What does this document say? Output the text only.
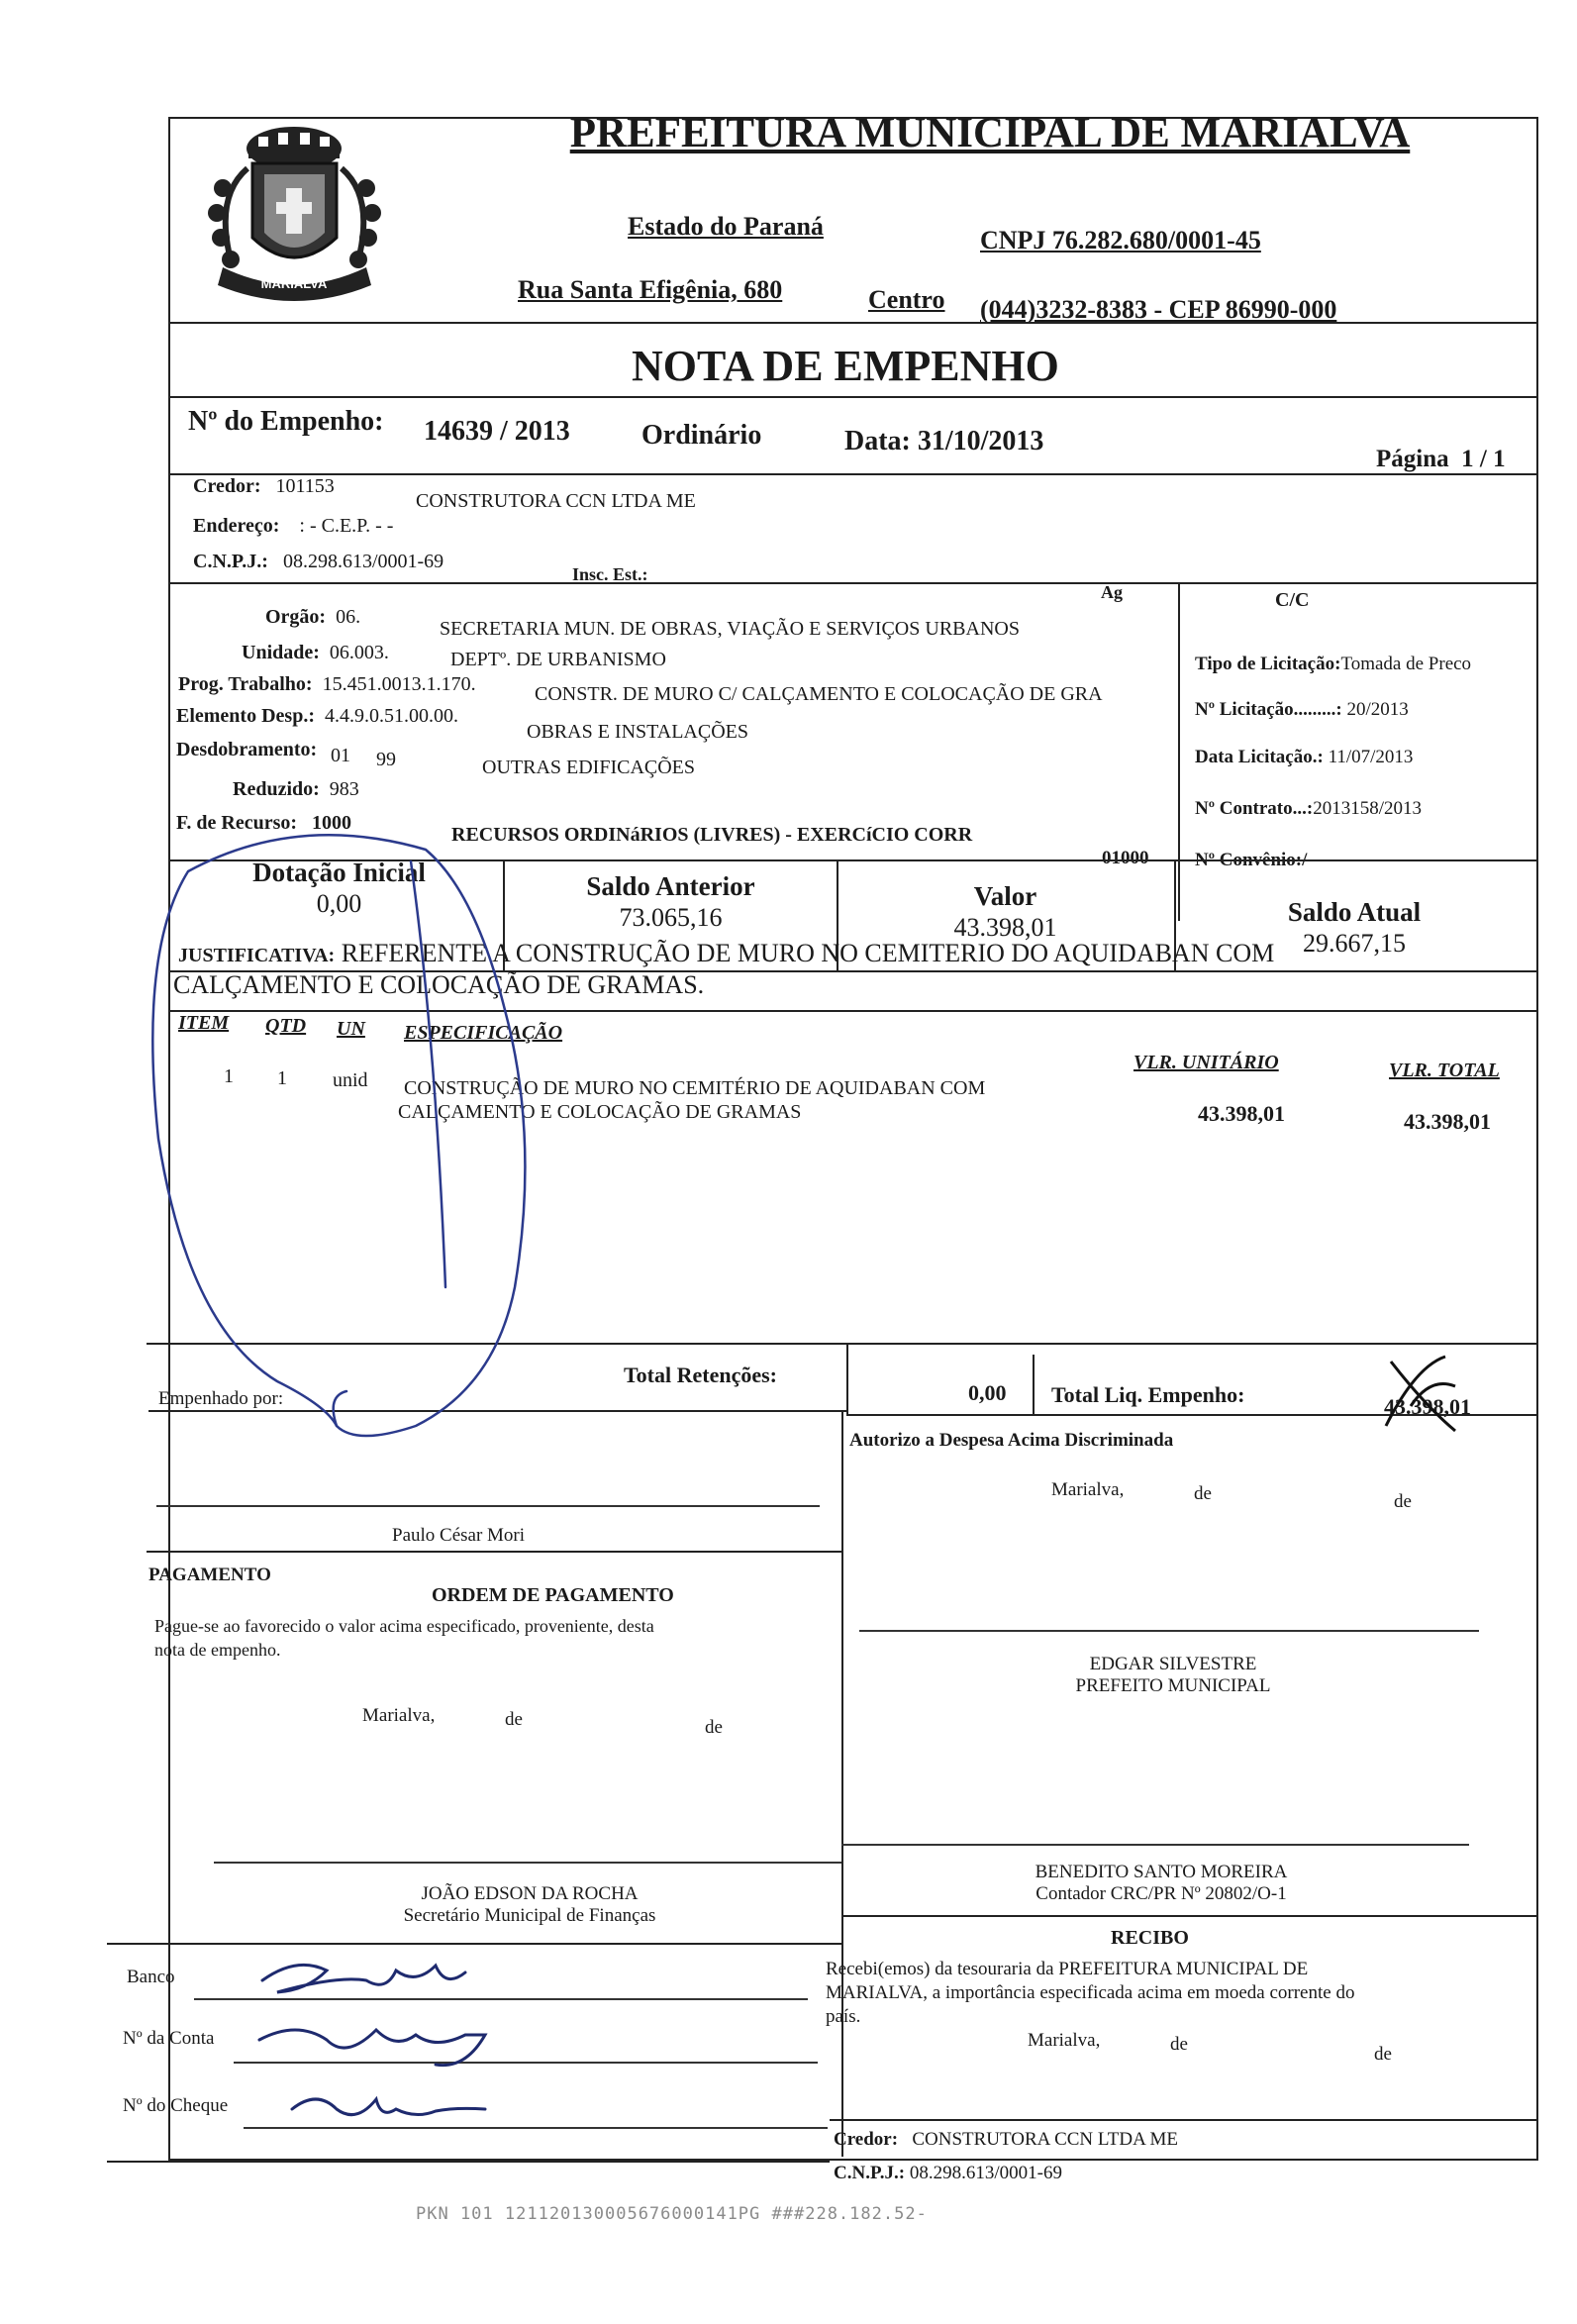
MARIALVA
PREFEITURA MUNICIPAL DE MARIALVA
Estado do Paraná	CNPJ 76.282.680/0001-45
Rua Santa Efigênia, 680	Centro (044)3232-8383 - CEP 86990-000
NOTA DE EMPENHO
Nº do Empenho: 14639 / 2013	Ordinário	Data: 31/10/2013
Página 1 / 1
Credor: 101153
CONSTRUTORA CCN LTDA ME
Endereço: : - C.E.P. - -
C.N.P.J.: 08.298.613/0001-69
Insc. Est.:
Ag	C/C
Orgão: 06.
SECRETARIA MUN. DE OBRAS, VIAÇÃO E SERVIÇOS URBANOS
Unidade: 06.003.	DEPTº. DE URBANISMO
Prog. Trabalho: 15.451.0013.1.170.	CONSTR. DE MURO C/ CALÇAMENTO E COLOCAÇÃO DE GRA
Elemento Desp.: 4.4.9.0.51.00.00.
OBRAS E INSTALAÇÕES
Desdobramento: 01 99	OUTRAS EDIFICAÇÕES
Reduzido: 983
F. de Recurso: 1000
RECURSOS ORDINáRIOS (LIVRES) - EXERCíCIO CORR
01000
Tipo de Licitação:Tomada de Preco
Nº Licitação.........: 20/2013
Data Licitação.: 11/07/2013
Nº Contrato...:2013158/2013
Nº Convênio:/
Dotação Inicial
0,00
Saldo Anterior
73.065,16
Valor
43.398,01
Saldo Atual
29.667,15
JUSTIFICATIVA: REFERENTE A CONSTRUÇÃO DE MURO NO CEMITERIO DO AQUIDABAN COM
CALÇAMENTO E COLOCAÇÃO DE GRAMAS.
ITEM QTD UN ESPECIFICAÇÃO
VLR. UNITÁRIO	VLR. TOTAL
1 1 unid CONSTRUÇÃO DE MURO NO CEMITÉRIO DE AQUIDABAN COM
CALÇAMENTO E COLOCAÇÃO DE GRAMAS	43.398,01	43.398,01
Total Retenções:
0,00 Total Liq. Empenho:	43.398,01
Empenhado por:
Paulo César Mori
Autorizo a Despesa Acima Discriminada
Marialva,	de	de
PAGAMENTO
ORDEM DE PAGAMENTO
Pague-se ao favorecido o valor acima especificado, proveniente, desta
nota de empenho.
Marialva,	de	de
EDGAR SILVESTRE
PREFEITO MUNICIPAL
BENEDITO SANTO MOREIRA
Contador CRC/PR Nº 20802/O-1
JOÃO EDSON DA ROCHA
Secretário Municipal de Finanças
RECIBO
Recebi(emos) da tesouraria da PREFEITURA MUNICIPAL DE
MARIALVA, a importância especificada acima em moeda corrente do
país.
Marialva,	de	de
Banco
Nº da Conta
Nº do Cheque
Credor: CONSTRUTORA CCN LTDA ME
C.N.P.J.: 08.298.613/0001-69
PKN 101 121120130005676000141PG ###228.182.52-
